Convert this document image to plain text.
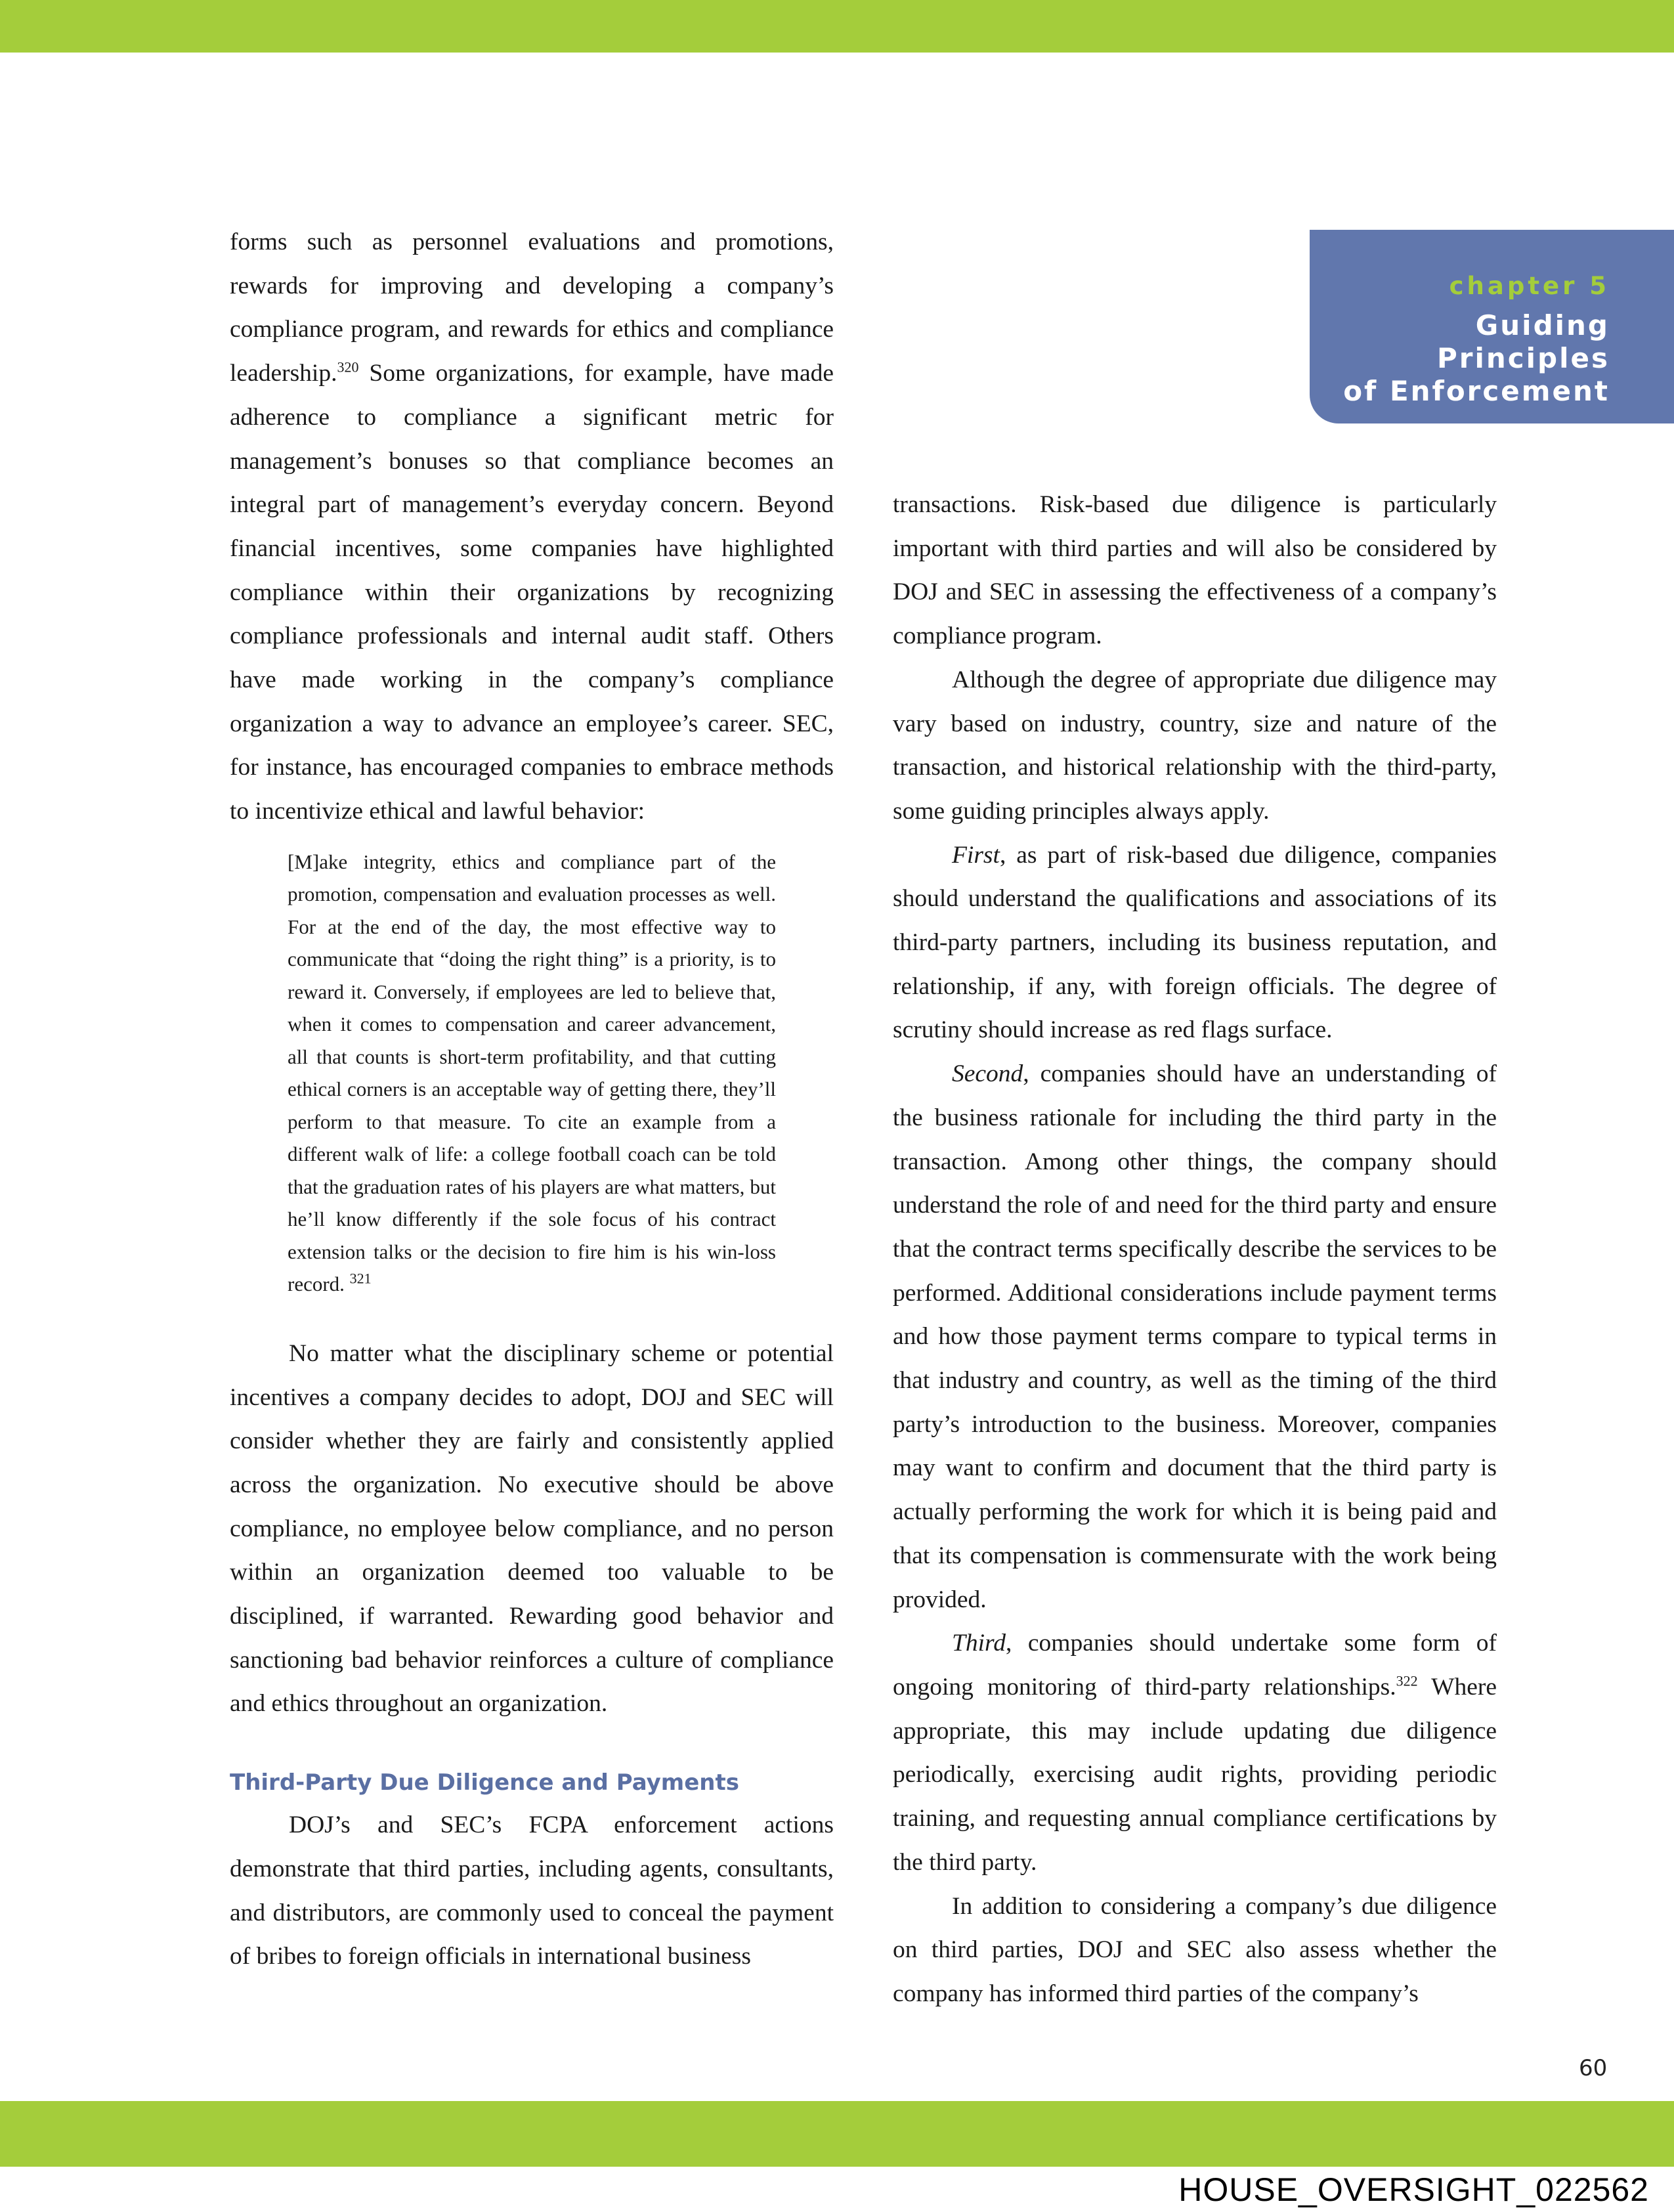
chapter 5
Guiding Principles
of Enforcement

forms such as personnel evaluations and promotions, rewards for improving and developing a company’s compliance program, and rewards for ethics and compliance leadership.$^{320}$ Some organizations, for example, have made adherence to compliance a significant metric for management’s bonuses so that compliance becomes an integral part of management’s everyday concern. Beyond financial incentives, some companies have highlighted compliance within their organizations by recognizing compliance professionals and internal audit staff. Others have made working in the company’s compliance organization a way to advance an employee’s career. SEC, for instance, has encouraged companies to embrace methods to incentivize ethical and lawful behavior:

[M]ake integrity, ethics and compliance part of the promotion, compensation and evaluation processes as well. For at the end of the day, the most effective way to communicate that “doing the right thing” is a priority, is to reward it. Conversely, if employees are led to believe that, when it comes to compensation and career advancement, all that counts is short-term profitability, and that cutting ethical corners is an acceptable way of getting there, they’ll perform to that measure. To cite an example from a different walk of life: a college football coach can be told that the graduation rates of his players are what matters, but he’ll know differently if the sole focus of his contract extension talks or the decision to fire him is his win-loss record. $^{321}$

No matter what the disciplinary scheme or potential incentives a company decides to adopt, DOJ and SEC will consider whether they are fairly and consistently applied across the organization. No executive should be above compliance, no employee below compliance, and no person within an organization deemed too valuable to be disciplined, if warranted. Rewarding good behavior and sanctioning bad behavior reinforces a culture of compliance and ethics throughout an organization.

Third-Party Due Diligence and Payments

DOJ’s and SEC’s FCPA enforcement actions demonstrate that third parties, including agents, consultants, and distributors, are commonly used to conceal the payment of bribes to foreign officials in international business

transactions. Risk-based due diligence is particularly important with third parties and will also be considered by DOJ and SEC in assessing the effectiveness of a company’s compliance program.

Although the degree of appropriate due diligence may vary based on industry, country, size and nature of the transaction, and historical relationship with the third-party, some guiding principles always apply.

First, as part of risk-based due diligence, companies should understand the qualifications and associations of its third-party partners, including its business reputation, and relationship, if any, with foreign officials. The degree of scrutiny should increase as red flags surface.

Second, companies should have an understanding of the business rationale for including the third party in the transaction. Among other things, the company should understand the role of and need for the third party and ensure that the contract terms specifically describe the services to be performed. Additional considerations include payment terms and how those payment terms compare to typical terms in that industry and country, as well as the timing of the third party’s introduction to the business. Moreover, companies may want to confirm and document that the third party is actually performing the work for which it is being paid and that its compensation is commensurate with the work being provided.

Third, companies should undertake some form of ongoing monitoring of third-party relationships.$^{322}$ Where appropriate, this may include updating due diligence periodically, exercising audit rights, providing periodic training, and requesting annual compliance certifications by the third party.

In addition to considering a company’s due diligence on third parties, DOJ and SEC also assess whether the company has informed third parties of the company’s

60
HOUSE_OVERSIGHT_022562
